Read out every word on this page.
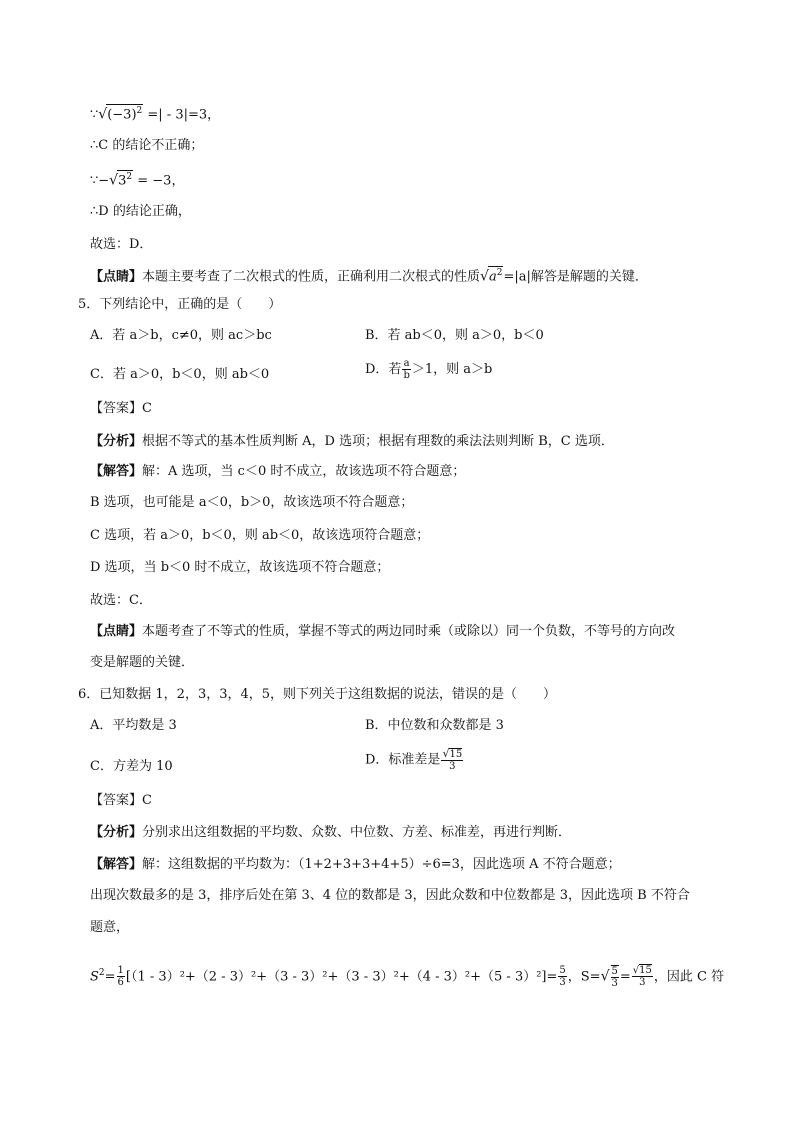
$\because√(-3)^2$ =| - 3|=3，
∴C 的结论不正确；
$\because-√3^2 = -3$，
∴D 的结论正确，
故选：D．
【点睛】本题主要考查了二次根式的性质，正确利用二次根式的性质$√a^2=|a|$解答是解题的关键．
5．下列结论中，正确的是（　　）
A．若 a＞b，c≠0，则 ac＞bc	B．若 ab＜0，则 a＞0，b＜0
C．若 a＞0，b＜0，则 ab＜0	D．若 $\frac{a}{b} >1$，则 a＞b
【答案】C
【分析】根据不等式的基本性质判断 A，D 选项；根据有理数的乘法法则判断 B，C 选项．
【解答】解：A 选项，当 c＜0 时不成立，故该选项不符合题意；
B 选项，也可能是 a＜0，b＞0，故该选项不符合题意；
C 选项，若 a＞0，b＜0，则 ab＜0，故该选项符合题意；
D 选项，当 b＜0 时不成立，故该选项不符合题意；
故选：C．
【点睛】本题考查了不等式的性质，掌握不等式的两边同时乘（或除以）同一个负数，不等号的方向改
变是解题的关键．
6．已知数据 1，2，3，3，4，5，则下列关于这组数据的说法，错误的是（　　）
A．平均数是 3	B．中位数和众数都是 3
C．方差为 10	D．标准差是 $\frac{√15}{3}$
【答案】C
【分析】分别求出这组数据的平均数、众数、中位数、方差、标准差，再进行判断．
【解答】解：这组数据的平均数为：（1+2+3+3+4+5）÷6=3，因此选项 A 不符合题意；
出现次数最多的是 3，排序后处在第 3、4 位的数都是 3，因此众数和中位数都是 3，因此选项 B 不符合
题意，
$S^2= \frac{1}{6} [(1 - 3)^2+(2 - 3)^2+(3 - 3)^2+(3 - 3)^2+(4 - 3)^2+(5 - 3)^2]= \frac{5}{3}$ ，$S=√ \frac{5}{3} = \frac{√15}{3}$ ，因此 C 符
